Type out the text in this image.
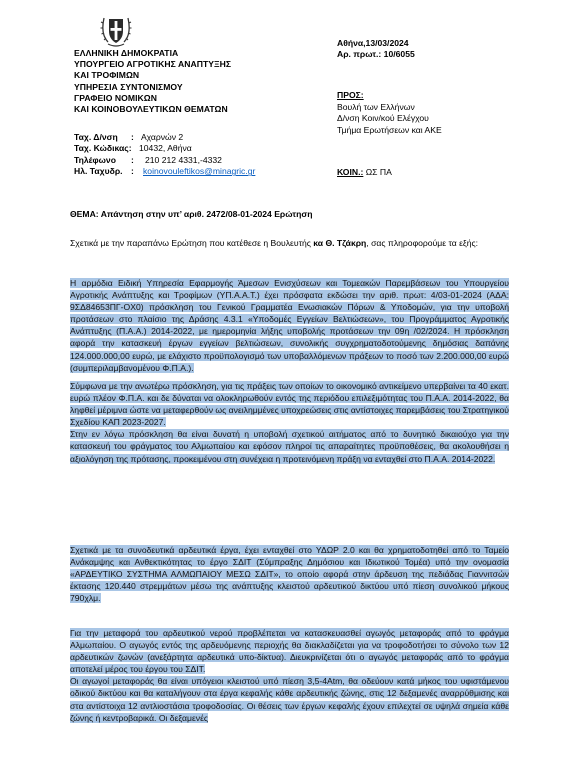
ΕΛΛΗΝΙΚΗ ΔΗΜΟΚΡΑΤΙΑ
ΥΠΟΥΡΓΕΙΟ ΑΓΡΟΤΙΚΗΣ ΑΝΑΠΤΥΞΗΣ
ΚΑΙ ΤΡΟΦΙΜΩΝ
ΥΠΗΡΕΣΙΑ ΣΥΝΤΟΝΙΣΜΟΥ
ΓΡΑΦΕΙΟ ΝΟΜΙΚΩΝ
ΚΑΙ ΚΟΙΝΟΒΟΥΛΕΥΤΙΚΩΝ ΘΕΜΑΤΩΝ
Ταχ. Δ/νση : Αχαρνών 2
Ταχ. Κώδικας: 10432, Αθήνα
Τηλέφωνο : 210 212 4331,-4332
Ηλ. Ταχυδρ. : koinovouleftikos@minagric.gr
Αθήνα,13/03/2024
Αρ. πρωτ.: 10/6055
ΠΡΟΣ:
Βουλή των Ελλήνων
Δ/νση Κοιν/κού Ελέγχου
Τμήμα Ερωτήσεων και ΑΚΕ
ΚΟΙΝ.: ΩΣ ΠΑ
ΘΕΜΑ: Απάντηση στην υπ’ αριθ. 2472/08-01-2024 Ερώτηση
Σχετικά με την παραπάνω Ερώτηση που κατέθεσε η Βουλευτής κα Θ. Τζάκρη, σας πληροφορούμε τα εξής:
Η αρμόδια Ειδική Υπηρεσία Εφαρμογής Άμεσων Ενισχύσεων και Τομεακών Παρεμβάσεων του Υπουργείου Αγροτικής Ανάπτυξης και Τροφίμων (ΥΠ.Α.Α.Τ.) έχει πρόσφατα εκδώσει την αριθ. πρωτ: 4/03-01-2024 (ΑΔΑ: 9ΣΔ84653ΠΓ-ΟΧ0) πρόσκληση του Γενικού Γραμματέα Ενωσιακών Πόρων & Υποδομών, για την υποβολή προτάσεων στο πλαίσιο της Δράσης 4.3.1 «Υποδομές Εγγείων Βελτιώσεων», του Προγράμματος Αγροτικής Ανάπτυξης (Π.Α.Α.) 2014-2022, με ημερομηνία λήξης υποβολής προτάσεων την 09η /02/2024. Η πρόσκληση αφορά την κατασκευή έργων εγγείων βελτιώσεων, συνολικής συγχρηματοδοτούμενης δημόσιας δαπάνης 124.000.000,00 ευρώ, με ελάχιστο προϋπολογισμό των υποβαλλόμενων πράξεων το ποσό των 2.200.000,00 ευρώ (συμπεριλαμβανομένου Φ.Π.Α.).
Σύμφωνα με την ανωτέρω πρόσκληση, για τις πράξεις των οποίων το οικονομικό αντικείμενο υπερβαίνει τα 40 εκατ. ευρώ πλέον Φ.Π.Α. και δε δύναται να ολοκληρωθούν εντός της περιόδου επιλεξιμότητας του Π.Α.Α. 2014-2022, θα ληφθεί μέριμνα ώστε να μεταφερθούν ως ανειλημμένες υποχρεώσεις στις αντίστοιχες παρεμβάσεις του Στρατηγικού Σχεδίου ΚΑΠ 2023-2027.
Στην εν λόγω πρόσκληση θα είναι δυνατή η υποβολή σχετικού αιτήματος από το δυνητικό δικαιούχο για την κατασκευή του φράγματος του Αλμωπαίου και εφόσον πληροί τις απαραίτητες προϋποθέσεις, θα ακολουθήσει η αξιολόγηση της πρότασης, προκειμένου στη συνέχεια η προτεινόμενη πράξη να ενταχθεί στο Π.Α.Α. 2014-2022.
Σχετικά με τα συνοδευτικά αρδευτικά έργα, έχει ενταχθεί στο ΥΔΩΡ 2.0 και θα χρηματοδοτηθεί από το Ταμείο Ανάκαμψης και Ανθεκτικότητας το έργο ΣΔΙΤ (Σύμπραξης Δημόσιου και Ιδιωτικού Τομέα) υπό την ονομασία «ΑΡΔΕΥΤΙΚΟ ΣΥΣΤΗΜΑ ΑΛΜΩΠΑΙΟΥ ΜΕΣΩ ΣΔΙΤ», το οποίο αφορά στην άρδευση της πεδιάδας Γιαννιτσών έκτασης 120.440 στρεμμάτων μέσω της ανάπτυξης κλειστού αρδευτικού δικτύου υπό πίεση συνολικού μήκους 790χλμ.
Για την μεταφορά του αρδευτικού νερού προβλέπεται να κατασκευασθεί αγωγός μεταφοράς από το φράγμα Αλμωπαίου. Ο αγωγός εντός της αρδευόμενης περιοχής θα διακλαδίζεται για να τροφοδοτήσει το σύνολο των 12 αρδευτικών ζωνών (ανεξάρτητα αρδευτικά υπο-δίκτυα). Διευκρινίζεται ότι ο αγωγός μεταφοράς από το φράγμα αποτελεί μέρος του έργου του ΣΔΙΤ.
Οι αγωγοί μεταφοράς θα είναι υπόγειοι κλειστού υπό πίεση 3,5-4Atm, θα οδεύουν κατά μήκος του υφιστάμενου οδικού δικτύου και θα καταλήγουν στα έργα κεφαλής κάθε αρδευτικής ζώνης, στις 12 δεξαμενές αναρρύθμισης και στα αντίστοιχα 12 αντλιοστάσια τροφοδοσίας. Οι θέσεις των έργων κεφαλής έχουν επιλεχτεί σε υψηλά σημεία κάθε ζώνης ή κεντροβαρικά. Οι δεξαμενές
